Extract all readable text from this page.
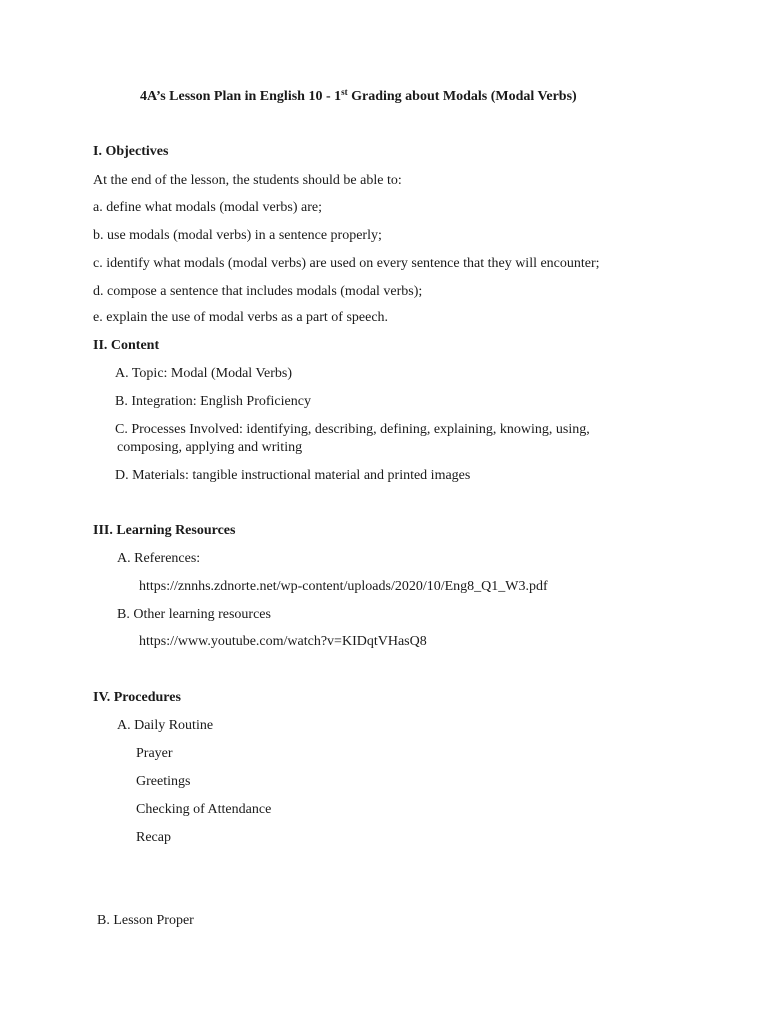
4A’s Lesson Plan in English 10 - 1st Grading about Modals (Modal Verbs)
I. Objectives
At the end of the lesson, the students should be able to:
a. define what modals (modal verbs) are;
b. use modals (modal verbs) in a sentence properly;
c. identify what modals (modal verbs) are used on every sentence that they will encounter;
d. compose a sentence that includes modals (modal verbs);
e. explain the use of modal verbs as a part of speech.
II. Content
A. Topic: Modal (Modal Verbs)
B. Integration: English Proficiency
C. Processes Involved: identifying, describing, defining, explaining, knowing, using,
composing, applying and writing
D. Materials: tangible instructional material and printed images
III. Learning Resources
A. References:
https://znnhs.zdnorte.net/wp-content/uploads/2020/10/Eng8_Q1_W3.pdf
B. Other learning resources
https://www.youtube.com/watch?v=KIDqtVHasQ8
IV. Procedures
A. Daily Routine
Prayer
Greetings
Checking of Attendance
Recap
B. Lesson Proper
